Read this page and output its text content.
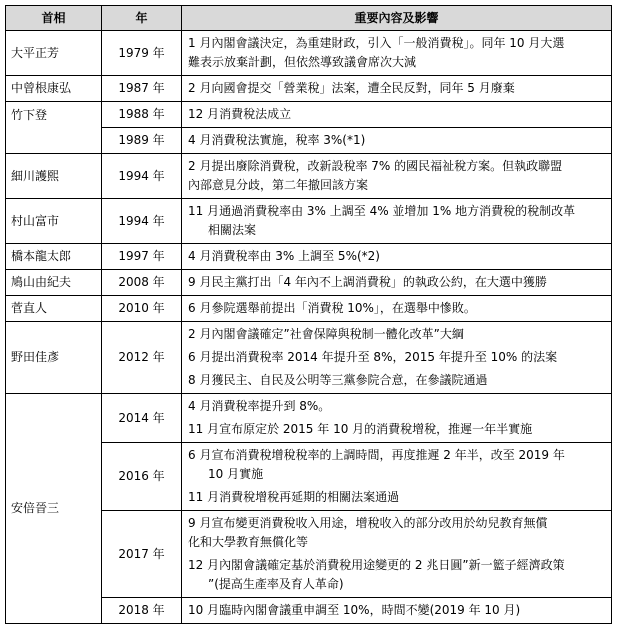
首相	年	重要內容及影響
大平正芳	1979 年	1 月內閣會議決定，為重建財政，引入「一般消費稅」。同年 10 月大選
難表示放棄計劃，但依然導致議會席次大減

中曾根康弘	1987 年	2 月向國會提交「營業稅」法案，遭全民反對，同年 5 月廢棄

竹下登	1988 年	12 月消費稅法成立

	1989 年	4 月消費稅法實施，稅率 3%(*1)

細川護熙	1994 年	2 月提出廢除消費稅，改新設稅率 7% 的國民福祉稅方案。但執政聯盟
內部意見分歧，第二年撤回該方案

村山富市	1994 年	11 月通過消費稅率由 3% 上調至 4% 並增加 1% 地方消費稅的稅制改革
相關法案

橋本龍太郎	1997 年	4 月消費稅率由 3% 上調至 5%(*2)

鳩山由紀夫	2008 年	9 月民主黨打出「4 年內不上調消費稅」的執政公約，在大選中獲勝

菅直人	2010 年	6 月參院選舉前提出「消費稅 10%」，在選舉中慘敗。

野田佳彥	2012 年	2 月內閣會議確定”社會保障與稅制一體化改革”大綱
6 月提出消費稅率 2014 年提升至 8%，2015 年提升至 10% 的法案
8 月獲民主、自民及公明等三黨參院合意，在參議院通過

安倍晉三	2014 年	4 月消費稅率提升到 8%。
11 月宣布原定於 2015 年 10 月的消費稅增稅，推遲一年半實施

	2016 年	6 月宣布消費稅增稅稅率的上調時間，再度推遲 2 年半，改至 2019 年
10 月實施
11 月消費稅增稅再延期的相關法案通過

	2017 年	9 月宣布變更消費稅收入用途，增稅收入的部分改用於幼兒教育無償
化和大學教育無償化等
12 月內閣會議確定基於消費稅用途變更的 2 兆日圓”新一籃子經濟政策
”(提高生產率及育人革命)

	2018 年	10 月臨時內閣會議重申調至 10%，時間不變(2019 年 10 月)
